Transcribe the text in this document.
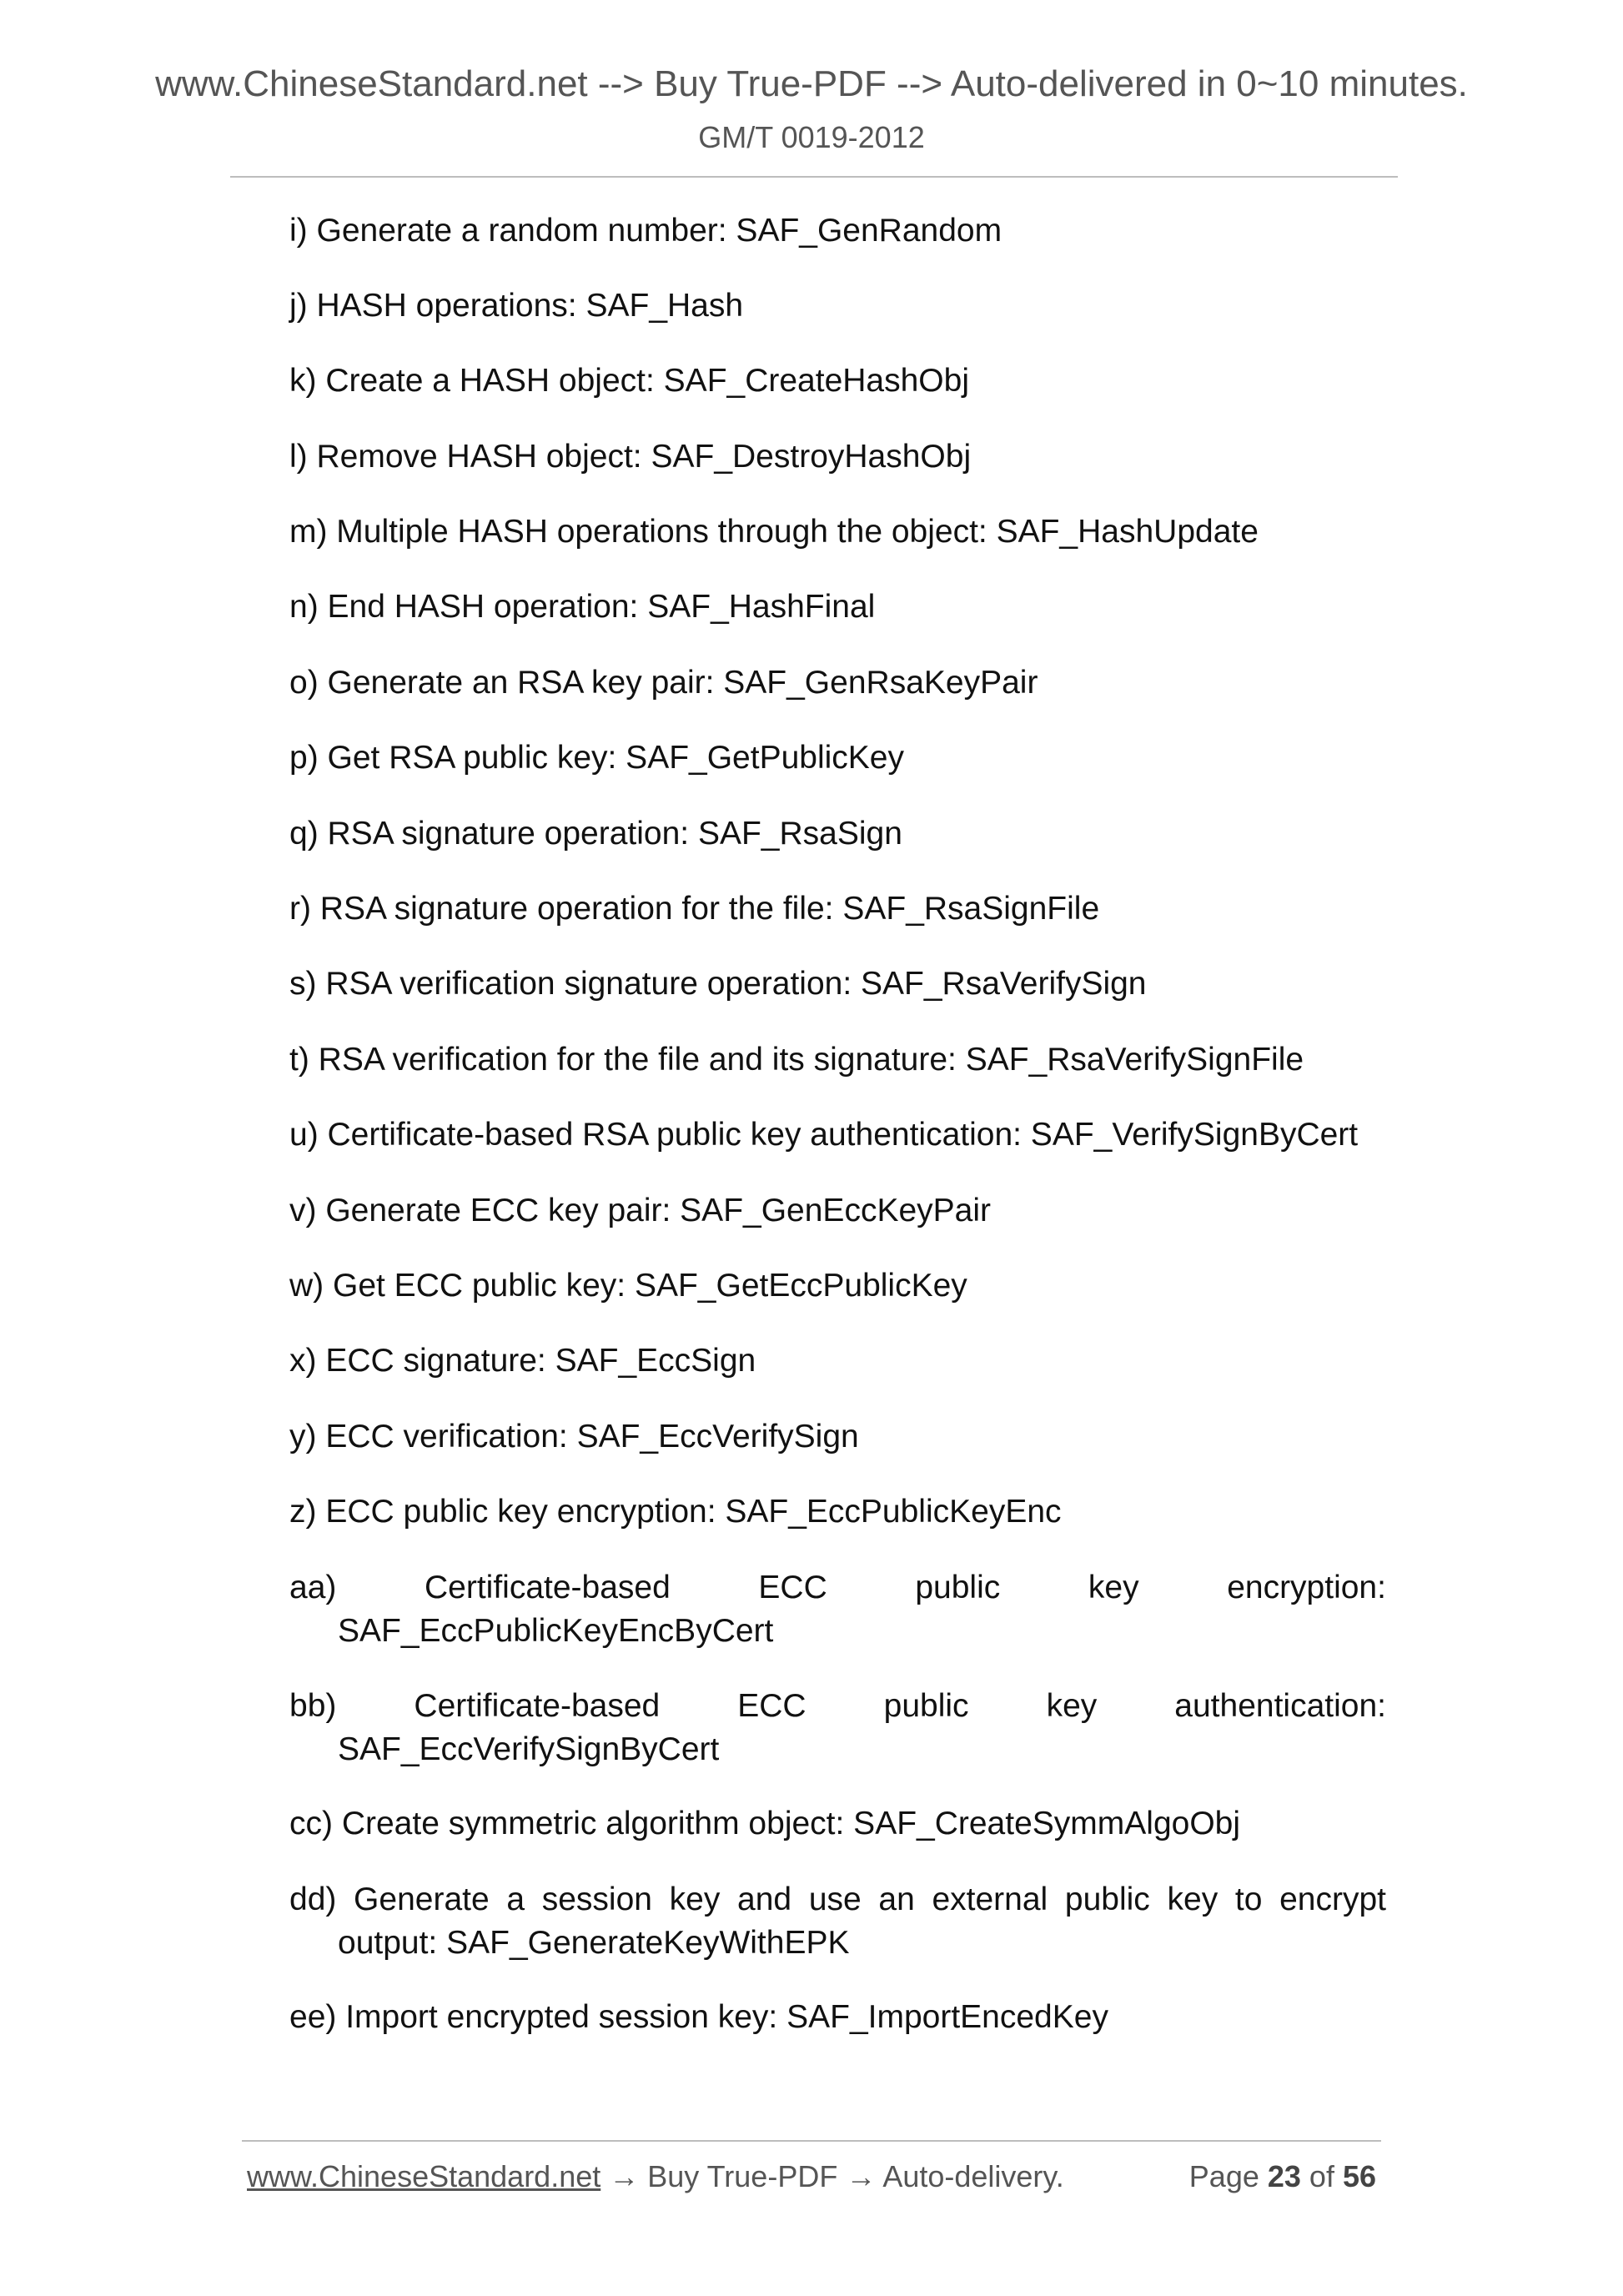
www.ChineseStandard.net --> Buy True-PDF --> Auto-delivered in 0~10 minutes.
GM/T 0019-2012
i) Generate a random number: SAF_GenRandom
j) HASH operations: SAF_Hash
k) Create a HASH object: SAF_CreateHashObj
l) Remove HASH object: SAF_DestroyHashObj
m) Multiple HASH operations through the object: SAF_HashUpdate
n) End HASH operation: SAF_HashFinal
o) Generate an RSA key pair: SAF_GenRsaKeyPair
p) Get RSA public key: SAF_GetPublicKey
q) RSA signature operation: SAF_RsaSign
r) RSA signature operation for the file: SAF_RsaSignFile
s) RSA verification signature operation: SAF_RsaVerifySign
t) RSA verification for the file and its signature: SAF_RsaVerifySignFile
u) Certificate-based RSA public key authentication: SAF_VerifySignByCert
v) Generate ECC key pair: SAF_GenEccKeyPair
w) Get ECC public key: SAF_GetEccPublicKey
x) ECC signature: SAF_EccSign
y) ECC verification: SAF_EccVerifySign
z) ECC public key encryption: SAF_EccPublicKeyEnc
aa)	Certificate-based	ECC	public	key	encryption:
SAF_EccPublicKeyEncByCert
bb) Certificate-based ECC public key authentication:
SAF_EccVerifySignByCert
cc) Create symmetric algorithm object: SAF_CreateSymmAlgoObj
dd) Generate a session key and use an external public key to encrypt output: SAF_GenerateKeyWithEPK
ee) Import encrypted session key: SAF_ImportEncedKey
www.ChineseStandard.net → Buy True-PDF → Auto-delivery.	Page 23 of 56
